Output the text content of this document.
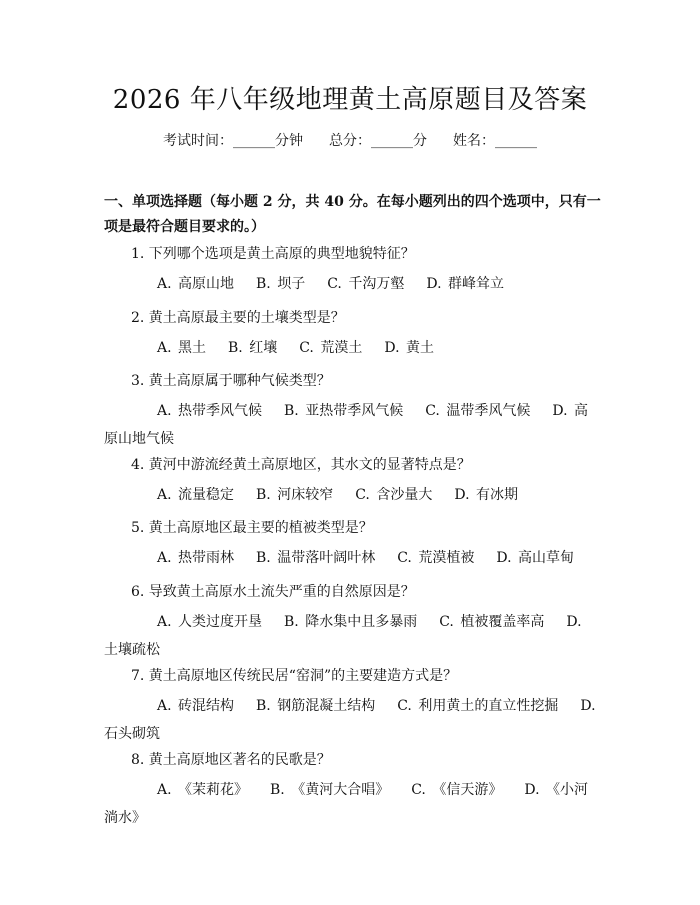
2026 年八年级地理黄土高原题目及答案
考试时间：______分钟 总分：______分 姓名：______

一、单项选择题（每小题 2 分，共 40 分。在每小题列出的四个选项中，只有一项是最符合题目要求的。）

1. 下列哪个选项是黄土高原的典型地貌特征？
A. 高原山地 B. 坝子 C. 千沟万壑 D. 群峰耸立
2. 黄土高原最主要的土壤类型是？
A. 黑土 B. 红壤 C. 荒漠土 D. 黄土
3. 黄土高原属于哪种气候类型？
A. 热带季风气候 B. 亚热带季风气候 C. 温带季风气候 D. 高原山地气候
4. 黄河中游流经黄土高原地区，其水文的显著特点是？
A. 流量稳定 B. 河床较窄 C. 含沙量大 D. 有冰期
5. 黄土高原地区最主要的植被类型是？
A. 热带雨林 B. 温带落叶阔叶林 C. 荒漠植被 D. 高山草甸
6. 导致黄土高原水土流失严重的自然原因是？
A. 人类过度开垦 B. 降水集中且多暴雨 C. 植被覆盖率高 D. 土壤疏松
7. 黄土高原地区传统民居“窑洞”的主要建造方式是？
A. 砖混结构 B. 钢筋混凝土结构 C. 利用黄土的直立性挖掘 D. 石头砌筑
8. 黄土高原地区著名的民歌是？
A. 《茉莉花》 B. 《黄河大合唱》 C. 《信天游》 D. 《小河淌水》
